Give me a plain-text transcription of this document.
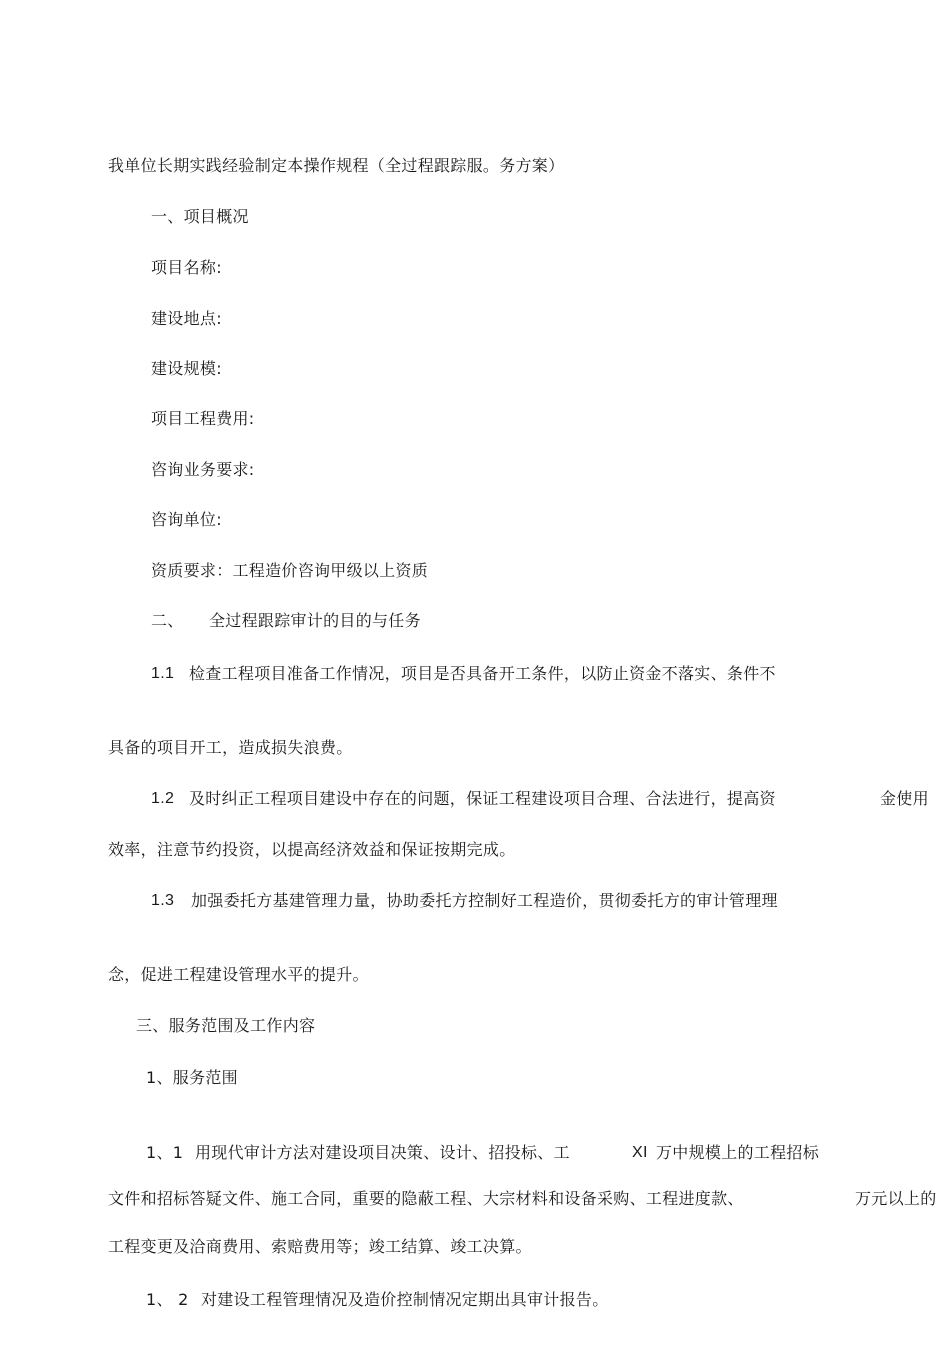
我单位长期实践经验制定本操作规程（全过程跟踪服。务方案）
一、项目概况
项目名称:
建设地点:
建设规模:
项目工程费用:
咨询业务要求:
咨询单位:
资质要求：工程造价咨询甲级以上资质
二、 全过程跟踪审计的目的与任务
1.1 检查工程项目准备工作情况，项目是否具备开工条件，以防止资金不落实、条件不
具备的项目开工，造成损失浪费。
1.2 及时纠正工程项目建设中存在的问题，保证工程建设项目合理、合法进行，提高资	金使用
效率，注意节约投资，以提高经济效益和保证按期完成。
1.3 加强委托方基建管理力量，协助委托方控制好工程造价，贯彻委托方的审计管理理
念，促进工程建设管理水平的提升。
三、服务范围及工作内容
1、服务范围
1、1 用现代审计方法对建设项目决策、设计、招投标、工	XI 万中规模上的工程招标
文件和招标答疑文件、施工合同，重要的隐蔽工程、大宗材料和设备采购、工程进度款、	万元以上的
工程变更及洽商费用、索赔费用等；竣工结算、竣工决算。
1、 2 对建设工程管理情况及造价控制情况定期出具审计报告。
